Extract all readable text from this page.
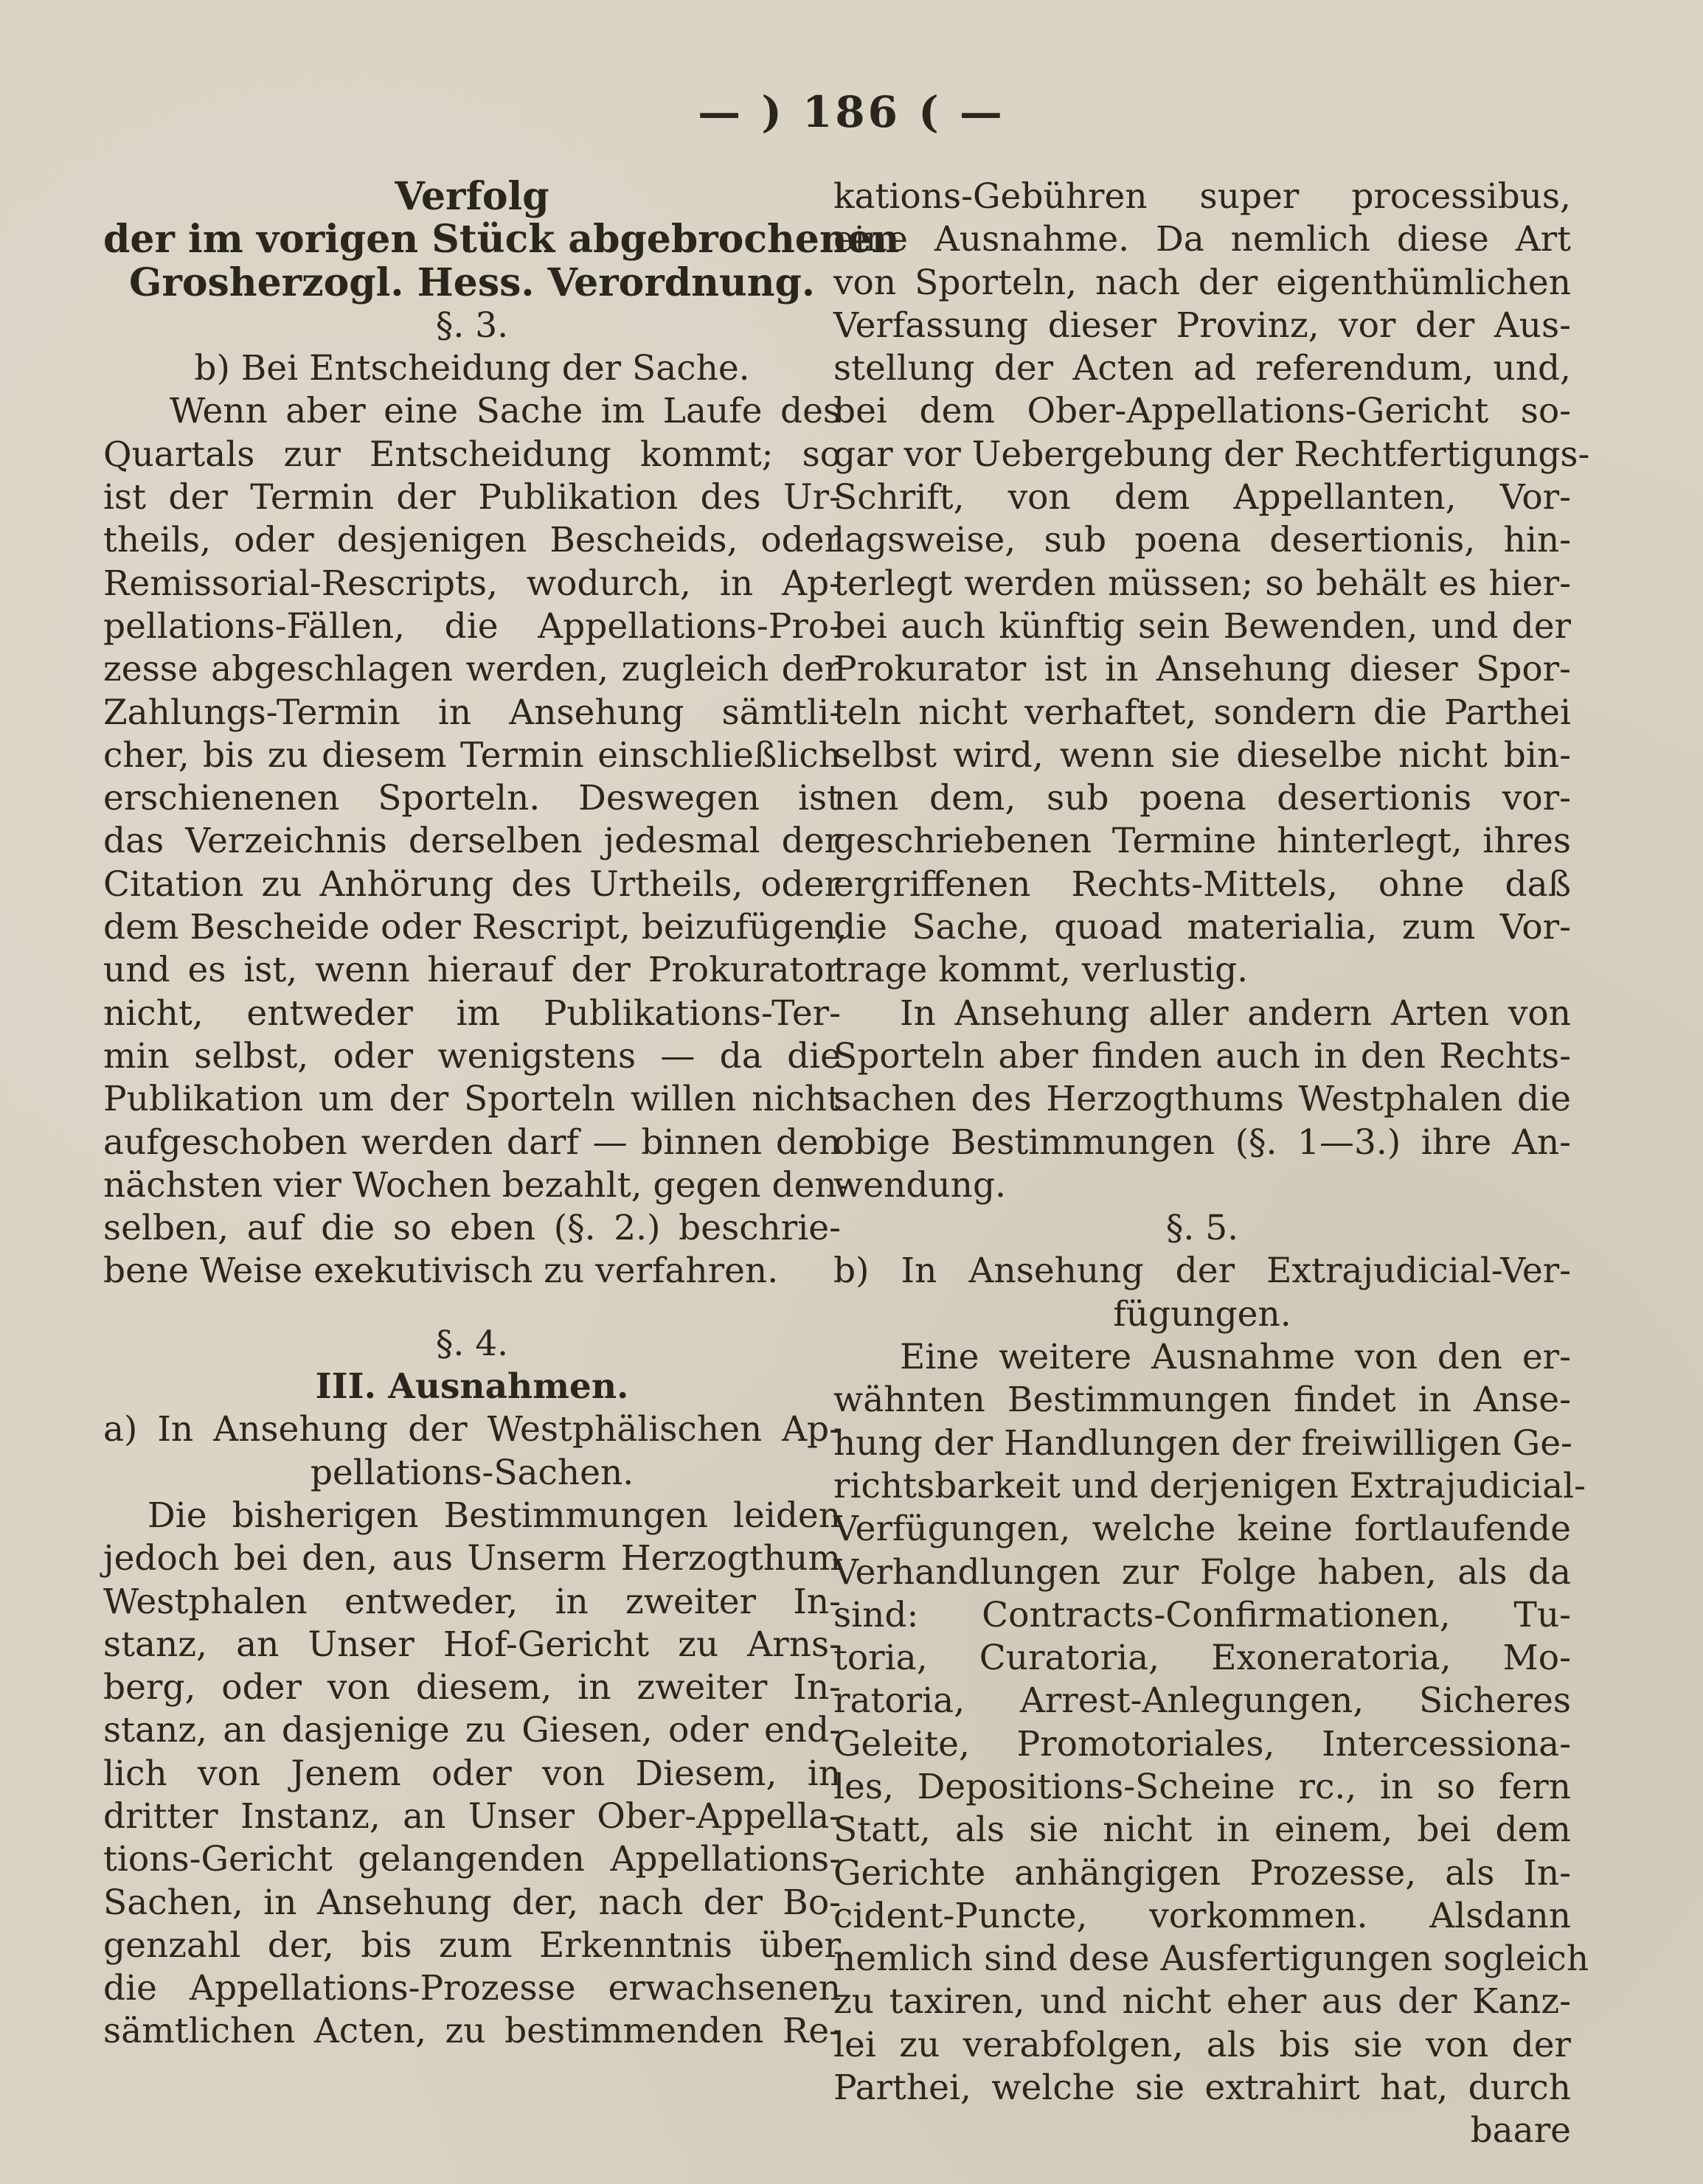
— ) 186 ( —
Verfolg
der im vorigen Stück abgebrochenen
Grosherzogl. Hess. Verordnung.
§. 3.
b) Bei Entscheidung der Sache.
Wenn aber eine Sache im Laufe des
Quartals zur Entscheidung kommt; so
ist der Termin der Publikation des Ur-
theils, oder desjenigen Bescheids, oder
Remissorial-Rescripts, wodurch, in Ap-
pellations-Fällen, die Appellations-Pro-
zesse abgeschlagen werden, zugleich der
Zahlungs-Termin in Ansehung sämtli-
cher, bis zu diesem Termin einschließlich
erschienenen Sporteln. Deswegen ist
das Verzeichnis derselben jedesmal der
Citation zu Anhörung des Urtheils, oder
dem Bescheide oder Rescript, beizufügen,
und es ist, wenn hierauf der Prokurator
nicht, entweder im Publikations-Ter-
min selbst, oder wenigstens — da die
Publikation um der Sporteln willen nicht
aufgeschoben werden darf — binnen den
nächsten vier Wochen bezahlt, gegen den-
selben, auf die so eben (§. 2.) beschrie-
bene Weise exekutivisch zu verfahren.
§. 4.
III. Ausnahmen.
a) In Ansehung der Westphälischen Ap-
pellations-Sachen.
Die bisherigen Bestimmungen leiden
jedoch bei den, aus Unserm Herzogthum
Westphalen entweder, in zweiter In-
stanz, an Unser Hof-Gericht zu Arns-
berg, oder von diesem, in zweiter In-
stanz, an dasjenige zu Giesen, oder end-
lich von Jenem oder von Diesem, in
dritter Instanz, an Unser Ober-Appella-
tions-Gericht gelangenden Appellations-
Sachen, in Ansehung der, nach der Bo-
genzahl der, bis zum Erkenntnis über
die Appellations-Prozesse erwachsenen
sämtlichen Acten, zu bestimmenden Re-
kations-Gebühren super processibus,
eine Ausnahme. Da nemlich diese Art
von Sporteln, nach der eigenthümlichen
Verfassung dieser Provinz, vor der Aus-
stellung der Acten ad referendum, und,
bei dem Ober-Appellations-Gericht so-
gar vor Uebergebung der Rechtfertigungs-
Schrift, von dem Appellanten, Vor-
lagsweise, sub poena desertionis, hin-
terlegt werden müssen; so behält es hier-
bei auch künftig sein Bewenden, und der
Prokurator ist in Ansehung dieser Spor-
teln nicht verhaftet, sondern die Parthei
selbst wird, wenn sie dieselbe nicht bin-
nen dem, sub poena desertionis vor-
geschriebenen Termine hinterlegt, ihres
ergriffenen Rechts-Mittels, ohne daß
die Sache, quoad materialia, zum Vor-
trage kommt, verlustig.
In Ansehung aller andern Arten von
Sporteln aber finden auch in den Rechts-
sachen des Herzogthums Westphalen die
obige Bestimmungen (§. 1—3.) ihre An-
wendung.
§. 5.
b) In Ansehung der Extrajudicial-Ver-
fügungen.
Eine weitere Ausnahme von den er-
wähnten Bestimmungen findet in Anse-
hung der Handlungen der freiwilligen Ge-
richtsbarkeit und derjenigen Extrajudicial-
Verfügungen, welche keine fortlaufende
Verhandlungen zur Folge haben, als da
sind: Contracts-Confirmationen, Tu-
toria, Curatoria, Exoneratoria, Mo-
ratoria, Arrest-Anlegungen, Sicheres
Geleite, Promotoriales, Intercessiona-
les, Depositions-Scheine rc., in so fern
Statt, als sie nicht in einem, bei dem
Gerichte anhängigen Prozesse, als In-
cident-Puncte, vorkommen. Alsdann
nemlich sind dese Ausfertigungen sogleich
zu taxiren, und nicht eher aus der Kanz-
lei zu verabfolgen, als bis sie von der
Parthei, welche sie extrahirt hat, durch
baare
